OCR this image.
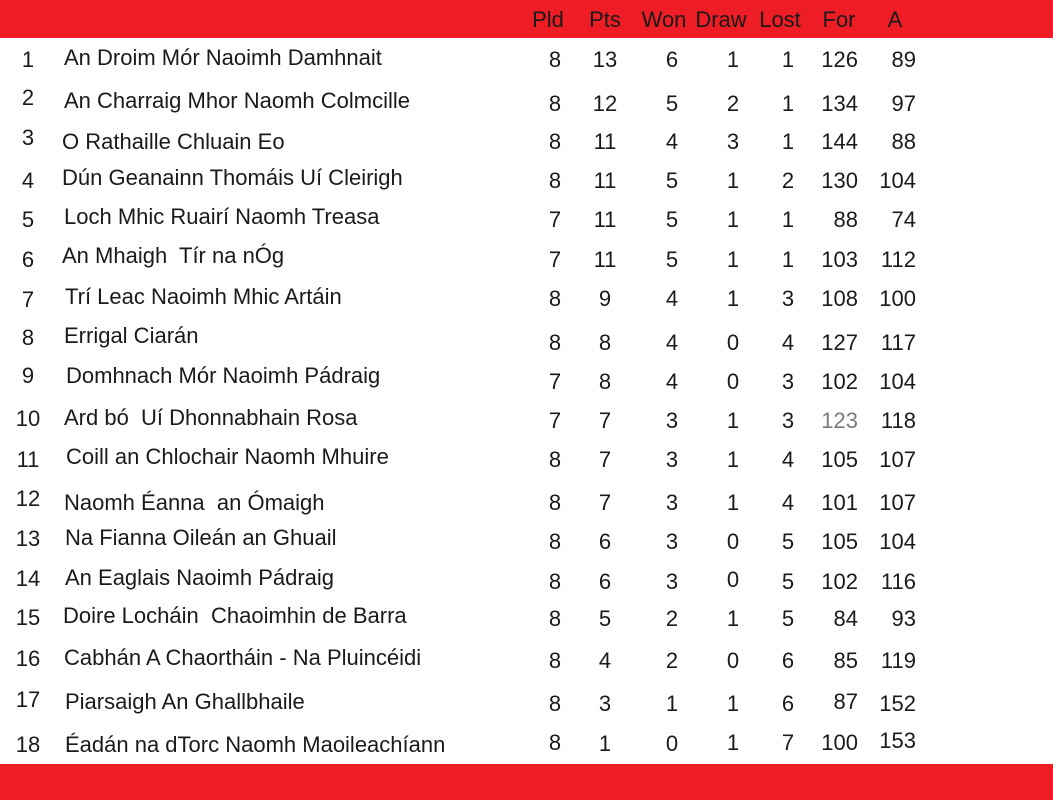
Pld Pts Won Draw Lost For	A
1	An Droim Mór Naoimh Damhnait	8	13	6	1	1	126	89
2	An Charraig Mhor Naomh Colmcille	8	12	5	2	1	134	97
3	O Rathaille Chluain Eo	8	11	4	3	1	144	88
4	Dún Geanainn Thomáis Uí Cleirigh	8	11	5	1	2	130 104
5	Loch Mhic Ruairí Naomh Treasa	7	11	5	1	1	88	74
6	An Mhaigh  Tír na nÓg	7	11	5	1	1	103	112
7	Trí Leac Naoimh Mhic Artáin	8	9	4	1	3	108 100
8	Errigal Ciarán	8	8	4	0	4	127	117
9	Domhnach Mór Naoimh Pádraig	7	8	4	0	3	102 104
10	Ard bó  Uí Dhonnabhain Rosa	7	7	3	1	3	123	118
11	Coill an Chlochair Naomh Mhuire	8	7	3	1	4	105 107
12	Naomh Éanna  an Ómaigh	8	7	3	1	4	101 107
13	Na Fianna Oileán an Ghuail	8	6	3	0	5	105 104
14	An Eaglais Naoimh Pádraig	8	6	3	0	5	102	116
15	Doire Locháin  Chaoimhin de Barra	8	5	2	1	5	84	93
16	Cabhán A Chaortháin - Na Pluincéidi	8	4	2	0	6	85	119
17	Piarsaigh An Ghallbhaile	8	3	1	1	6	87 152
18	Éadán na dTorc Naomh Maoileachíann	8	1	0	1	7	100 153
